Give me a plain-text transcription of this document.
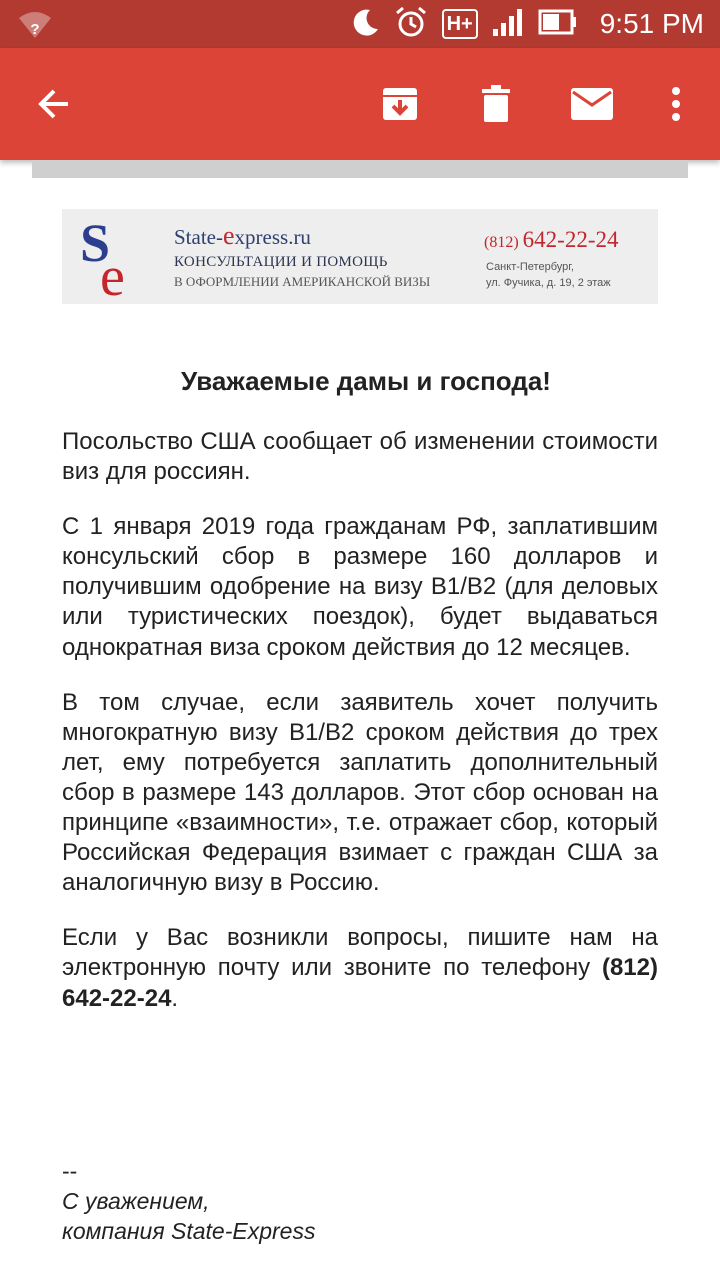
?	H+	9:51 PM
S
e
State-express.ru
КОНСУЛЬТАЦИИ И ПОМОЩЬ
В ОФОРМЛЕНИИ АМЕРИКАНСКОЙ ВИЗЫ
(812) 642-22-24
Санкт-Петербург,
ул. Фучика, д. 19, 2 этаж
Уважаемые дамы и господа!

Посольство США сообщает об изменении стоимости виз для россиян.

С 1 января 2019 года гражданам РФ, заплатившим консульский сбор в размере 160 долларов и получившим одобрение на визу В1/В2 (для деловых или туристических поездок), будет выдаваться однократная виза сроком действия до 12 месяцев.

В том случае, если заявитель хочет получить многократную визу В1/В2 сроком действия до трех лет, ему потребуется заплатить дополнительный сбор в размере 143 долларов. Этот сбор основан на принципе «взаимности», т.е. отражает сбор, который Российская Федерация взимает с граждан США за аналогичную визу в Россию.

Если у Вас возникли вопросы, пишите нам на электронную почту или звоните по телефону (812) 642-22-24.

--
С уважением,
компания State-Express
